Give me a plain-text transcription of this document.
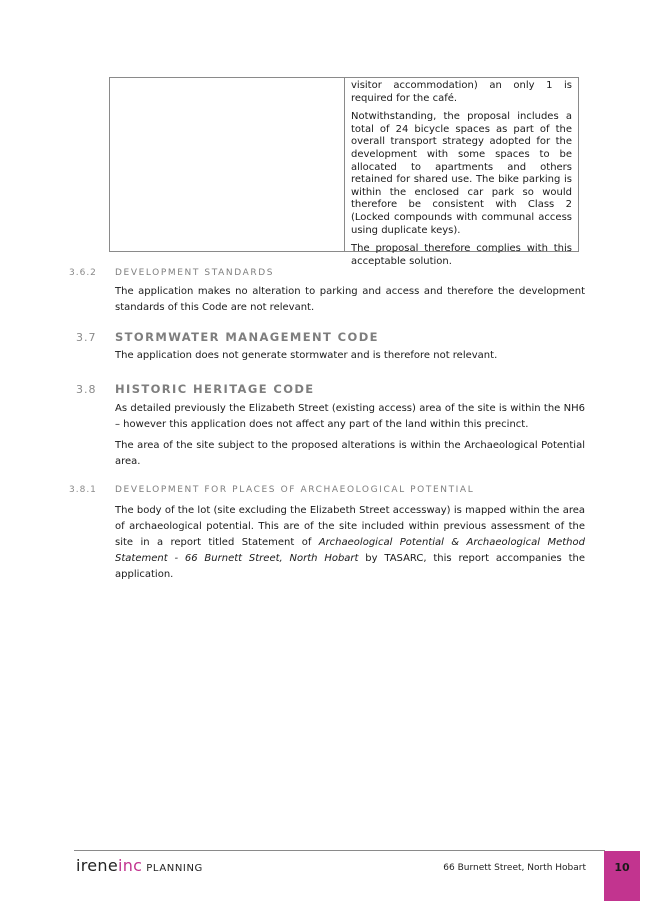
visitor accommodation) an only 1 is required for the café.

Notwithstanding, the proposal includes a total of 24 bicycle spaces as part of the overall transport strategy adopted for the development with some spaces to be allocated to apartments and others retained for shared use. The bike parking is within the enclosed car park so would therefore be consistent with Class 2 (Locked compounds with communal access using duplicate keys).

The proposal therefore complies with this acceptable solution.

3.6.2 DEVELOPMENT STANDARDS

The application makes no alteration to parking and access and therefore the development standards of this Code are not relevant.

3.7 STORMWATER MANAGEMENT CODE

The application does not generate stormwater and is therefore not relevant.

3.8 HISTORIC HERITAGE CODE

As detailed previously the Elizabeth Street (existing access) area of the site is within the NH6 – however this application does not affect any part of the land within this precinct.

The area of the site subject to the proposed alterations is within the Archaeological Potential area.

3.8.1 DEVELOPMENT FOR PLACES OF ARCHAEOLOGICAL POTENTIAL

The body of the lot (site excluding the Elizabeth Street accessway) is mapped within the area of archaeological potential. This are of the site included within previous assessment of the site in a report titled Statement of Archaeological Potential & Archaeological Method Statement - 66 Burnett Street, North Hobart by TASARC, this report accompanies the application.

ireneinc PLANNING	66 Burnett Street, North Hobart	10
